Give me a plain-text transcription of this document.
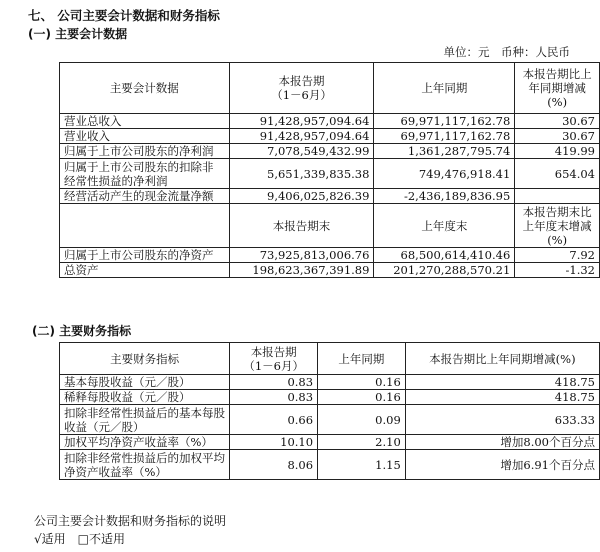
七、 公司主要会计数据和财务指标
(一) 主要会计数据
单位：元　币种：人民币
主要会计数据	本报告期
（1－6月）	上年同期	本报告期比上年同期增减(%)
营业总收入	91,428,957,094.64	69,971,117,162.78	30.67
营业收入	91,428,957,094.64	69,971,117,162.78	30.67
归属于上市公司股东的净利润	7,078,549,432.99	1,361,287,795.74	419.99
归属于上市公司股东的扣除非经常性损益的净利润	5,651,339,835.38	749,476,918.41	654.04
经营活动产生的现金流量净额	9,406,025,826.39	-2,436,189,836.95	
	本报告期末	上年度末	本报告期末比上年度末增减(%)
归属于上市公司股东的净资产	73,925,813,006.76	68,500,614,410.46	7.92
总资产	198,623,367,391.89	201,270,288,570.21	-1.32
(二) 主要财务指标
主要财务指标	本报告期
（1－6月）	上年同期	本报告期比上年同期增减(%)
基本每股收益（元／股）	0.83	0.16	418.75
稀释每股收益（元／股）	0.83	0.16	418.75
扣除非经常性损益后的基本每股收益（元／股）	0.66	0.09	633.33
加权平均净资产收益率（%）	10.10	2.10	增加8.00个百分点
扣除非经常性损益后的加权平均净资产收益率（%）	8.06	1.15	增加6.91个百分点
公司主要会计数据和财务指标的说明
√适用　□不适用
